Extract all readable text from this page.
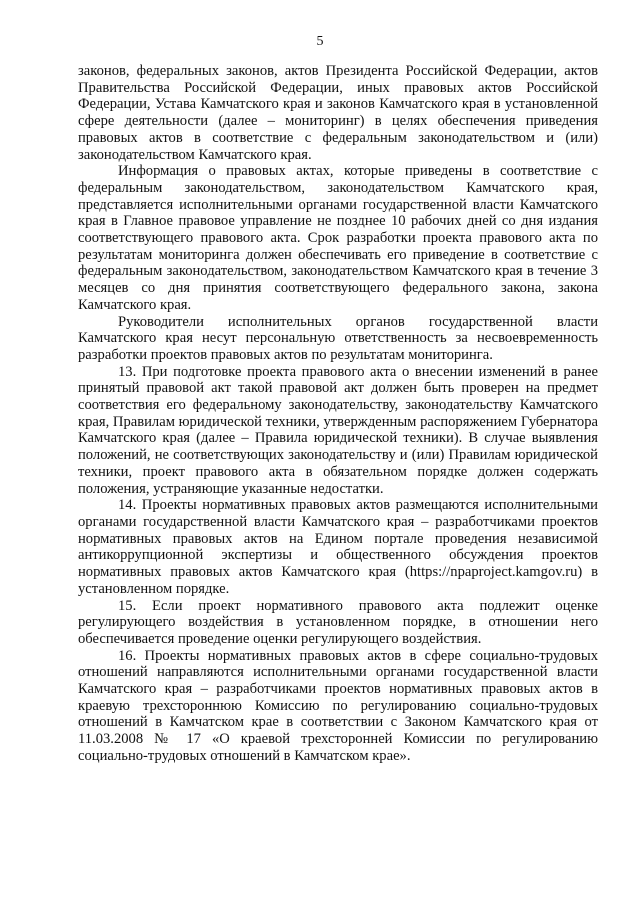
5

законов, федеральных законов, актов Президента Российской Федерации, актов Правительства Российской Федерации, иных правовых актов Российской Федерации, Устава Камчатского края и законов Камчатского края в установленной сфере деятельности (далее – мониторинг) в целях обеспечения приведения правовых актов в соответствие с федеральным законодательством и (или) законодательством Камчатского края.

Информация о правовых актах, которые приведены в соответствие с федеральным законодательством, законодательством Камчатского края, представляется исполнительными органами государственной власти Камчатского края в Главное правовое управление не позднее 10 рабочих дней со дня издания соответствующего правового акта. Срок разработки проекта правового акта по результатам мониторинга должен обеспечивать его приведение в соответствие с федеральным законодательством, законодательством Камчатского края в течение 3 месяцев со дня принятия соответствующего федерального закона, закона Камчатского края.

Руководители исполнительных органов государственной власти Камчатского края несут персональную ответственность за несвоевременность разработки проектов правовых актов по результатам мониторинга.

13. При подготовке проекта правового акта о внесении изменений в ранее принятый правовой акт такой правовой акт должен быть проверен на предмет соответствия его федеральному законодательству, законодательству Камчатского края, Правилам юридической техники, утвержденным распоряжением Губернатора Камчатского края (далее – Правила юридической техники). В случае выявления положений, не соответствующих законодательству и (или) Правилам юридической техники, проект правового акта в обязательном порядке должен содержать положения, устраняющие указанные недостатки.

14. Проекты нормативных правовых актов размещаются исполнительными органами государственной власти Камчатского края – разработчиками проектов нормативных правовых актов на Едином портале проведения независимой антикоррупционной экспертизы и общественного обсуждения проектов нормативных правовых актов Камчатского края (https://npaproject.kamgov.ru) в установленном порядке.

15. Если проект нормативного правового акта подлежит оценке регулирующего воздействия в установленном порядке, в отношении него обеспечивается проведение оценки регулирующего воздействия.

16. Проекты нормативных правовых актов в сфере социально-трудовых отношений направляются исполнительными органами государственной власти Камчатского края – разработчиками проектов нормативных правовых актов в краевую трехстороннюю Комиссию по регулированию социально-трудовых отношений в Камчатском крае в соответствии с Законом Камчатского края от 11.03.2008 № 17 «О краевой трехсторонней Комиссии по регулированию социально-трудовых отношений в Камчатском крае».
